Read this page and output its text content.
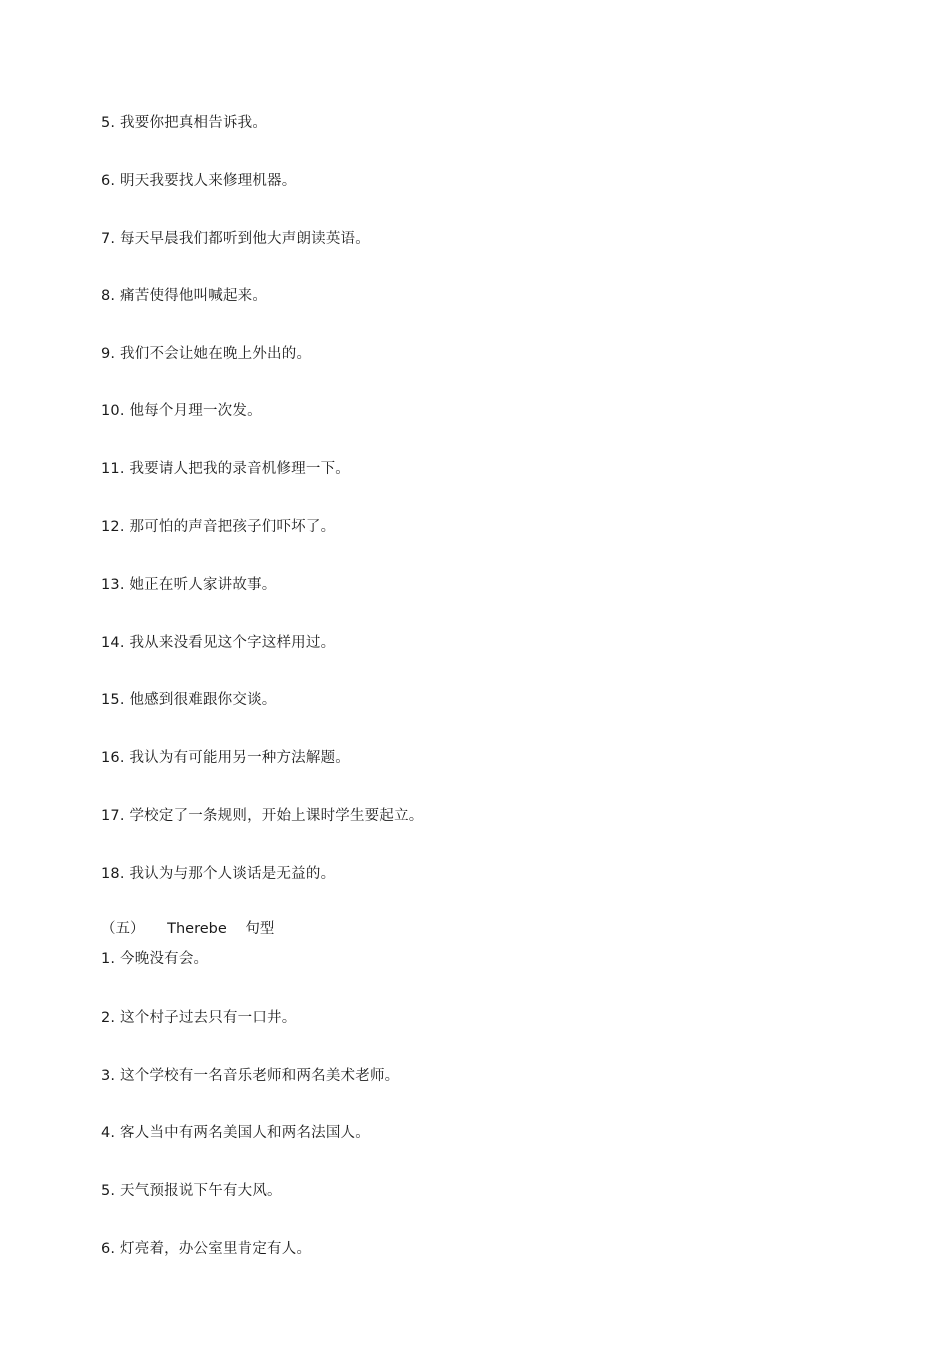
5. 我要你把真相告诉我。
6. 明天我要找人来修理机器。
7. 每天早晨我们都听到他大声朗读英语。
8. 痛苦使得他叫喊起来。
9. 我们不会让她在晚上外出的。
10. 他每个月理一次发。
11. 我要请人把我的录音机修理一下。
12. 那可怕的声音把孩子们吓坏了。
13. 她正在听人家讲故事。
14. 我从来没看见这个字这样用过。
15. 他感到很难跟你交谈。
16. 我认为有可能用另一种方法解题。
17. 学校定了一条规则，开始上课时学生要起立。
18. 我认为与那个人谈话是无益的。
（五） Therebe 句型
1. 今晚没有会。
2. 这个村子过去只有一口井。
3. 这个学校有一名音乐老师和两名美术老师。
4. 客人当中有两名美国人和两名法国人。
5. 天气预报说下午有大风。
6. 灯亮着，办公室里肯定有人。
